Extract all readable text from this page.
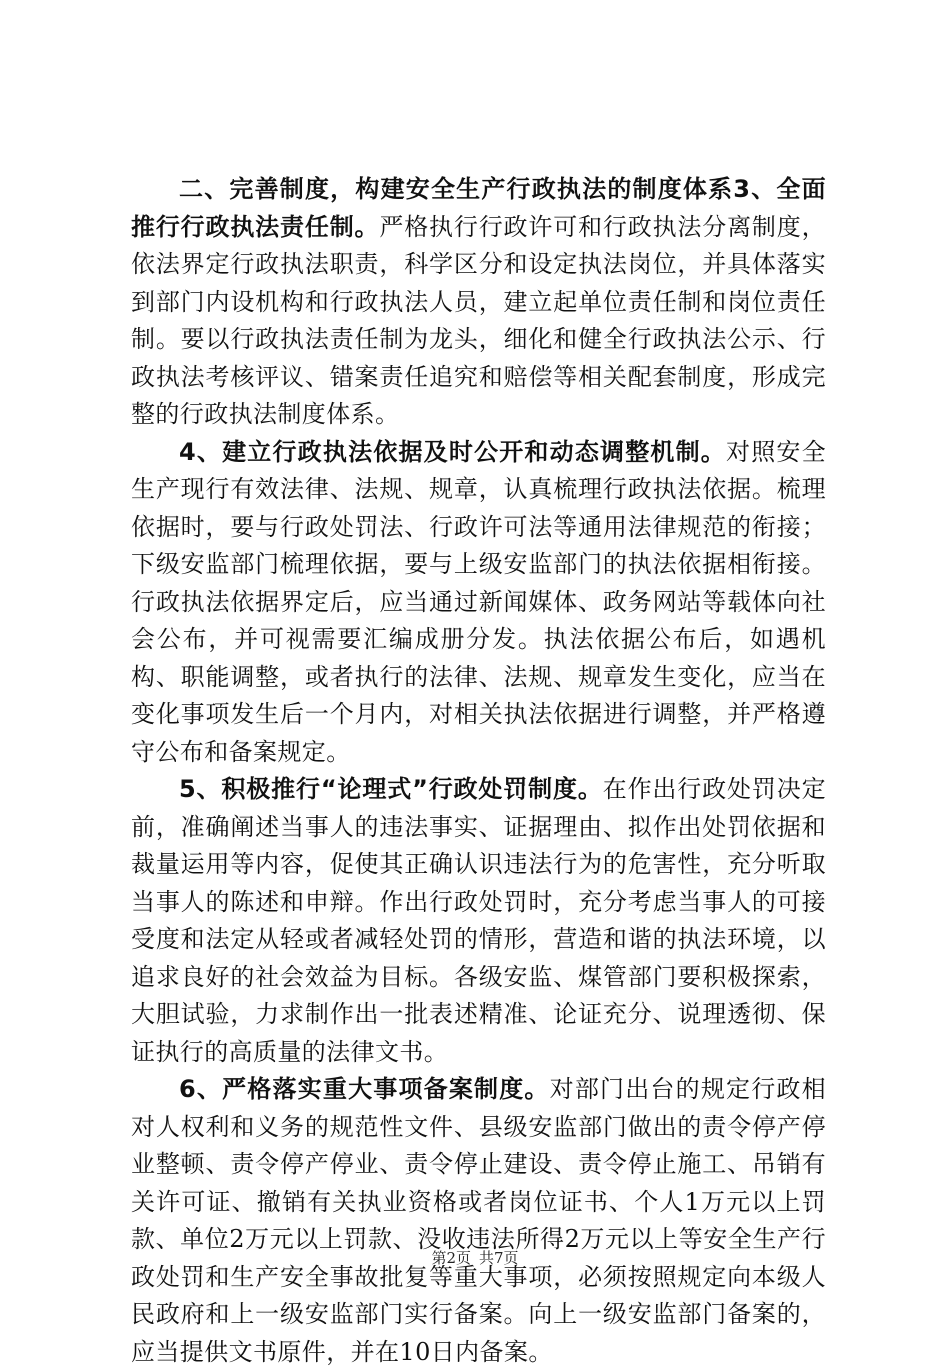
二、完善制度，构建安全生产行政执法的制度体系3、全面推行行政执法责任制。严格执行行政许可和行政执法分离制度，依法界定行政执法职责，科学区分和设定执法岗位，并具体落实到部门内设机构和行政执法人员，建立起单位责任制和岗位责任制。要以行政执法责任制为龙头，细化和健全行政执法公示、行政执法考核评议、错案责任追究和赔偿等相关配套制度，形成完整的行政执法制度体系。

4、建立行政执法依据及时公开和动态调整机制。对照安全生产现行有效法律、法规、规章，认真梳理行政执法依据。梳理依据时，要与行政处罚法、行政许可法等通用法律规范的衔接；下级安监部门梳理依据，要与上级安监部门的执法依据相衔接。行政执法依据界定后，应当通过新闻媒体、政务网站等载体向社会公布，并可视需要汇编成册分发。执法依据公布后，如遇机构、职能调整，或者执行的法律、法规、规章发生变化，应当在变化事项发生后一个月内，对相关执法依据进行调整，并严格遵守公布和备案规定。

5、积极推行“论理式”行政处罚制度。在作出行政处罚决定前，准确阐述当事人的违法事实、证据理由、拟作出处罚依据和裁量运用等内容，促使其正确认识违法行为的危害性，充分听取当事人的陈述和申辩。作出行政处罚时，充分考虑当事人的可接受度和法定从轻或者减轻处罚的情形，营造和谐的执法环境，以追求良好的社会效益为目标。各级安监、煤管部门要积极探索，大胆试验，力求制作出一批表述精准、论证充分、说理透彻、保证执行的高质量的法律文书。

6、严格落实重大事项备案制度。对部门出台的规定行政相对人权利和义务的规范性文件、县级安监部门做出的责令停产停业整顿、责令停产停业、责令停止建设、责令停止施工、吊销有关许可证、撤销有关执业资格或者岗位证书、个人1万元以上罚款、单位2万元以上罚款、没收违法所得2万元以上等安全生产行政处罚和生产安全事故批复等重大事项，必须按照规定向本级人民政府和上一级安监部门实行备案。向上一级安监部门备案的，应当提供文书原件，并在10日内备案。

第2页 共7页
